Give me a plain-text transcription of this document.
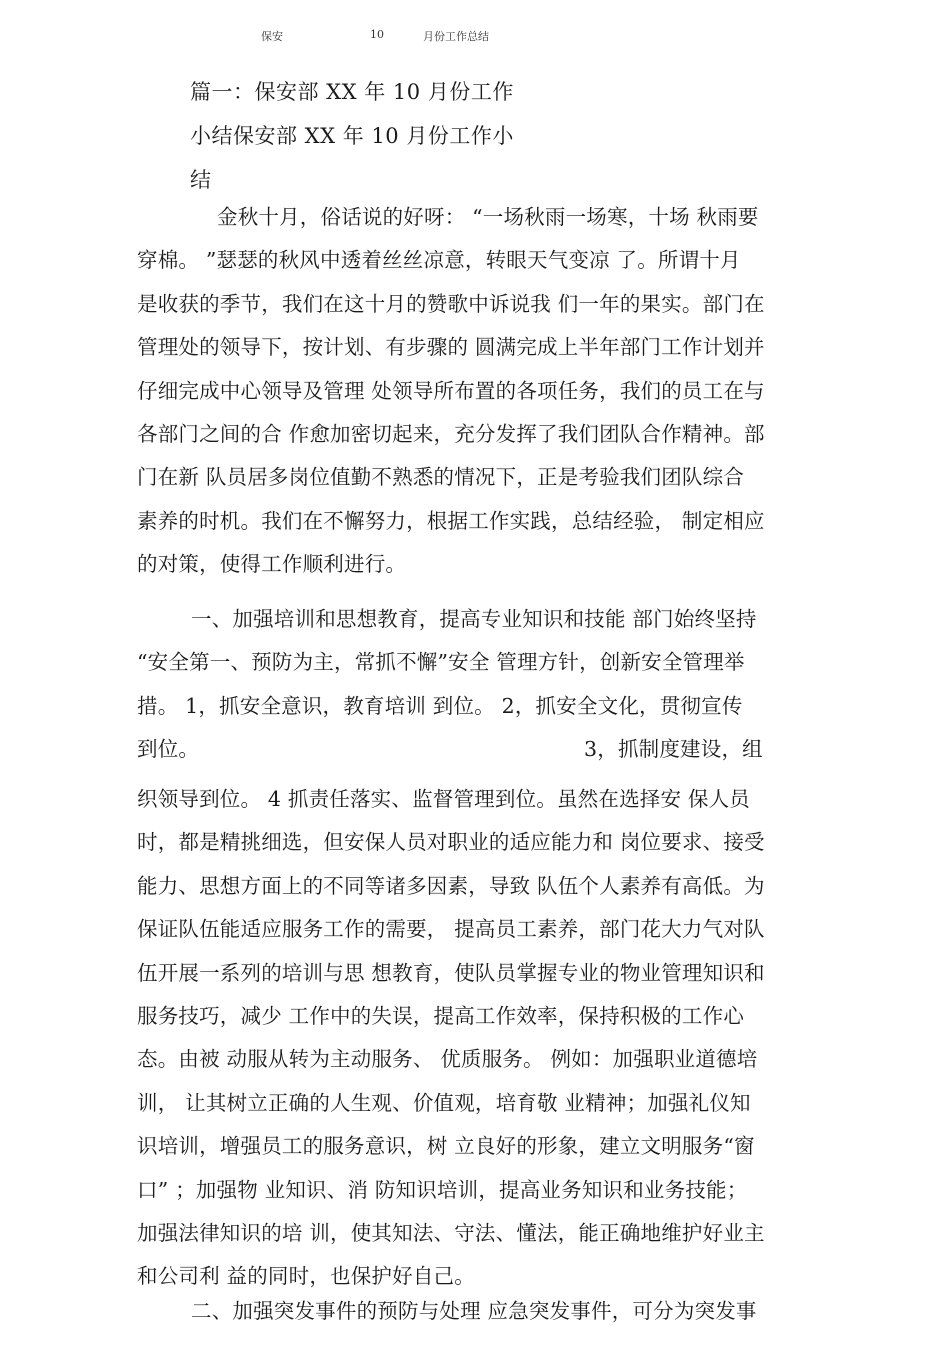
保安	10	月份工作总结
篇一：保安部 XX 年 10 月份工作
小结保安部 XX 年 10 月份工作小
结
金秋十月，俗话说的好呀： “一场秋雨一场寒，十场 秋雨要
穿棉。 ”瑟瑟的秋风中透着丝丝凉意，转眼天气变凉 了。所谓十月
是收获的季节，我们在这十月的赞歌中诉说我 们一年的果实。部门在
管理处的领导下，按计划、有步骤的 圆满完成上半年部门工作计划并
仔细完成中心领导及管理 处领导所布置的各项任务，我们的员工在与
各部门之间的合 作愈加密切起来，充分发挥了我们团队合作精神。部
门在新 队员居多岗位值勤不熟悉的情况下，正是考验我们团队综合
素养的时机。我们在不懈努力，根据工作实践，总结经验， 制定相应
的对策，使得工作顺利进行。
一、加强培训和思想教育，提高专业知识和技能 部门始终坚持
“安全第一、预防为主，常抓不懈”安全 管理方针，创新安全管理举
措。 1，抓安全意识，教育培训 到位。 2，抓安全文化，贯彻宣传
到位。	3，抓制度建设，组
织领导到位。 4 抓责任落实、监督管理到位。虽然在选择安 保人员
时，都是精挑细选，但安保人员对职业的适应能力和 岗位要求、接受
能力、思想方面上的不同等诸多因素，导致 队伍个人素养有高低。为
保证队伍能适应服务工作的需要， 提高员工素养，部门花大力气对队
伍开展一系列的培训与思 想教育，使队员掌握专业的物业管理知识和
服务技巧，减少 工作中的失误，提高工作效率，保持积极的工作心
态。由被 动服从转为主动服务、 优质服务。 例如：加强职业道德培
训， 让其树立正确的人生观、价值观，培育敬 业精神；加强礼仪知
识培训，增强员工的服务意识，树 立良好的形象，建立文明服务“窗
口” ；加强物 业知识、消 防知识培训，提高业务知识和业务技能；
加强法律知识的培 训，使其知法、守法、懂法，能正确地维护好业主
和公司利 益的同时，也保护好自己。
二、加强突发事件的预防与处理 应急突发事件，可分为突发事
